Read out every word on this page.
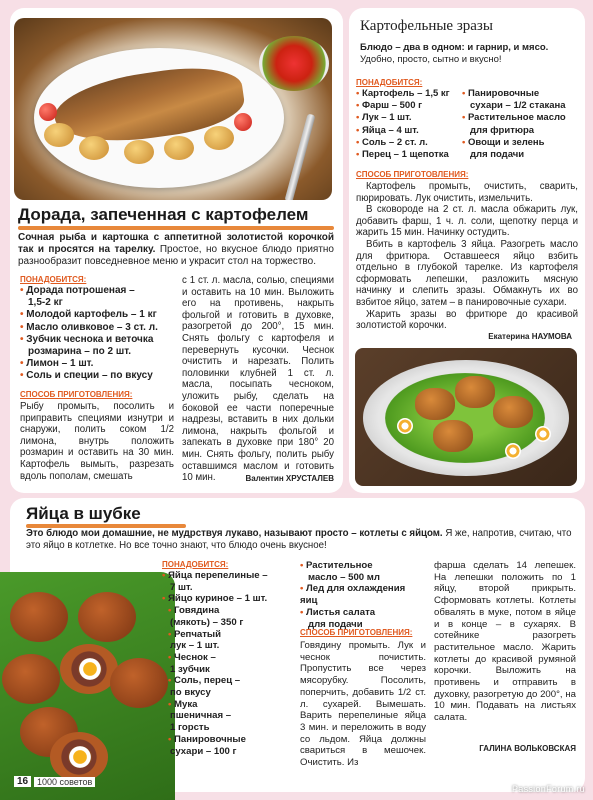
Дорада, запеченная с картофелем
Сочная рыба и картошка с аппетитной золотистой корочкой так и просятся на тарелку. Простое, но вкусное блюдо приятно разнообразит повседневное меню и украсит стол на торжество.
ПОНАДОБИТСЯ:
• Дорада потрошеная –
1,5-2 кг
• Молодой картофель – 1 кг
• Масло оливковое – 3 ст. л.
• Зубчик чеснока и веточка
розмарина – по 2 шт.
• Лимон – 1 шт.
• Соль и специи – по вкусу
СПОСОБ ПРИГОТОВЛЕНИЯ:
Рыбу промыть, посолить и приправить специями изнутри и снаружи, полить соком 1/2 лимона, внутрь положить розмарин и оставить на 30 мин. Картофель вымыть, разрезать вдоль пополам, смешать
с 1 ст. л. масла, солью, специями и оставить на 10 мин. Выложить его на противень, накрыть фольгой и готовить в духовке, разогретой до 200°, 15 мин. Снять фольгу с картофеля и перевернуть кусочки. Чеснок очистить и нарезать. Полить половинки клубней 1 ст. л. масла, посыпать чесноком, уложить рыбу, сделать на боковой ее части поперечные надрезы, вставить в них дольки лимона, накрыть фольгой и запекать в духовке при 180° 20 мин. Снять фольгу, полить рыбу оставшимся маслом и готовить 10 мин.	Валентин ХРУСТАЛЕВ
Картофельные зразы
Блюдо – два в одном: и гарнир, и мясо.
Удобно, просто, сытно и вкусно!
ПОНАДОБИТСЯ:
• Картофель – 1,5 кг
• Фарш – 500 г
• Лук – 1 шт.
• Яйца – 4 шт.
• Соль – 2 ст. л.
• Перец – 1 щепотка
• Панировочные
сухари – 1/2 стакана
• Растительное масло
для фритюра
• Овощи и зелень
для подачи
СПОСОБ ПРИГОТОВЛЕНИЯ:

Картофель промыть, очистить, сварить, пюрировать. Лук очистить, измельчить.

В сковороде на 2 ст. л. масла обжарить лук, добавить фарш, 1 ч. л. соли, щепотку перца и жарить 15 мин. Начинку остудить.

Вбить в картофель 3 яйца. Разогреть масло для фритюра. Оставшееся яйцо взбить отдельно в глубокой тарелке. Из картофеля сформовать лепешки, разложить мясную начинку и слепить зразы. Обмакнуть их во взбитое яйцо, затем – в панировочные сухари.

Жарить зразы во фритюре до красивой золотистой корочки.

Екатерина НАУМОВА
Яйца в шубке
Это блюдо мои домашние, не мудрствуя лукаво, называют просто – котлеты с яйцом. Я же, напротив, считаю, что это яйцо в котлетке. Но все точно знают, что блюдо очень вкусное!
ПОНАДОБИТСЯ:
• Яйца перепелиные –
7 шт.
• Яйцо куриное – 1 шт.
• Говядина
(мякоть) – 350 г
• Репчатый
лук – 1 шт.
• Чеснок –
1 зубчик
• Соль, перец –
по вкусу
• Мука
пшеничная –
1 горсть
• Панировочные
сухари – 100 г
• Растительное
масло – 500 мл
• Лед для охлаждения яиц
• Листья салата
для подачи
СПОСОБ ПРИГОТОВЛЕНИЯ:
Говядину промыть. Лук и чеснок почистить. Пропустить все через мясорубку. Посолить, поперчить, добавить 1/2 ст. л. сухарей. Вымешать. Варить перепелиные яйца 3 мин. и переложить в воду со льдом. Яйца должны свариться в мешочек. Очистить. Из
фарша сделать 14 лепешек. На лепешки положить по 1 яйцу, второй прикрыть. Сформовать котлеты. Котлеты обвалять в муке, потом в яйце и в конце – в сухарях. В сотейнике разогреть растительное масло. Жарить котлеты до красивой румяной корочки. Выложить на противень и отправить в духовку, разогретую до 200°, на 10 мин. Подавать на листьях салата.
ГАЛИНА ВОЛЬКОВСКАЯ
16 1000 советов
PassionForum.ru
